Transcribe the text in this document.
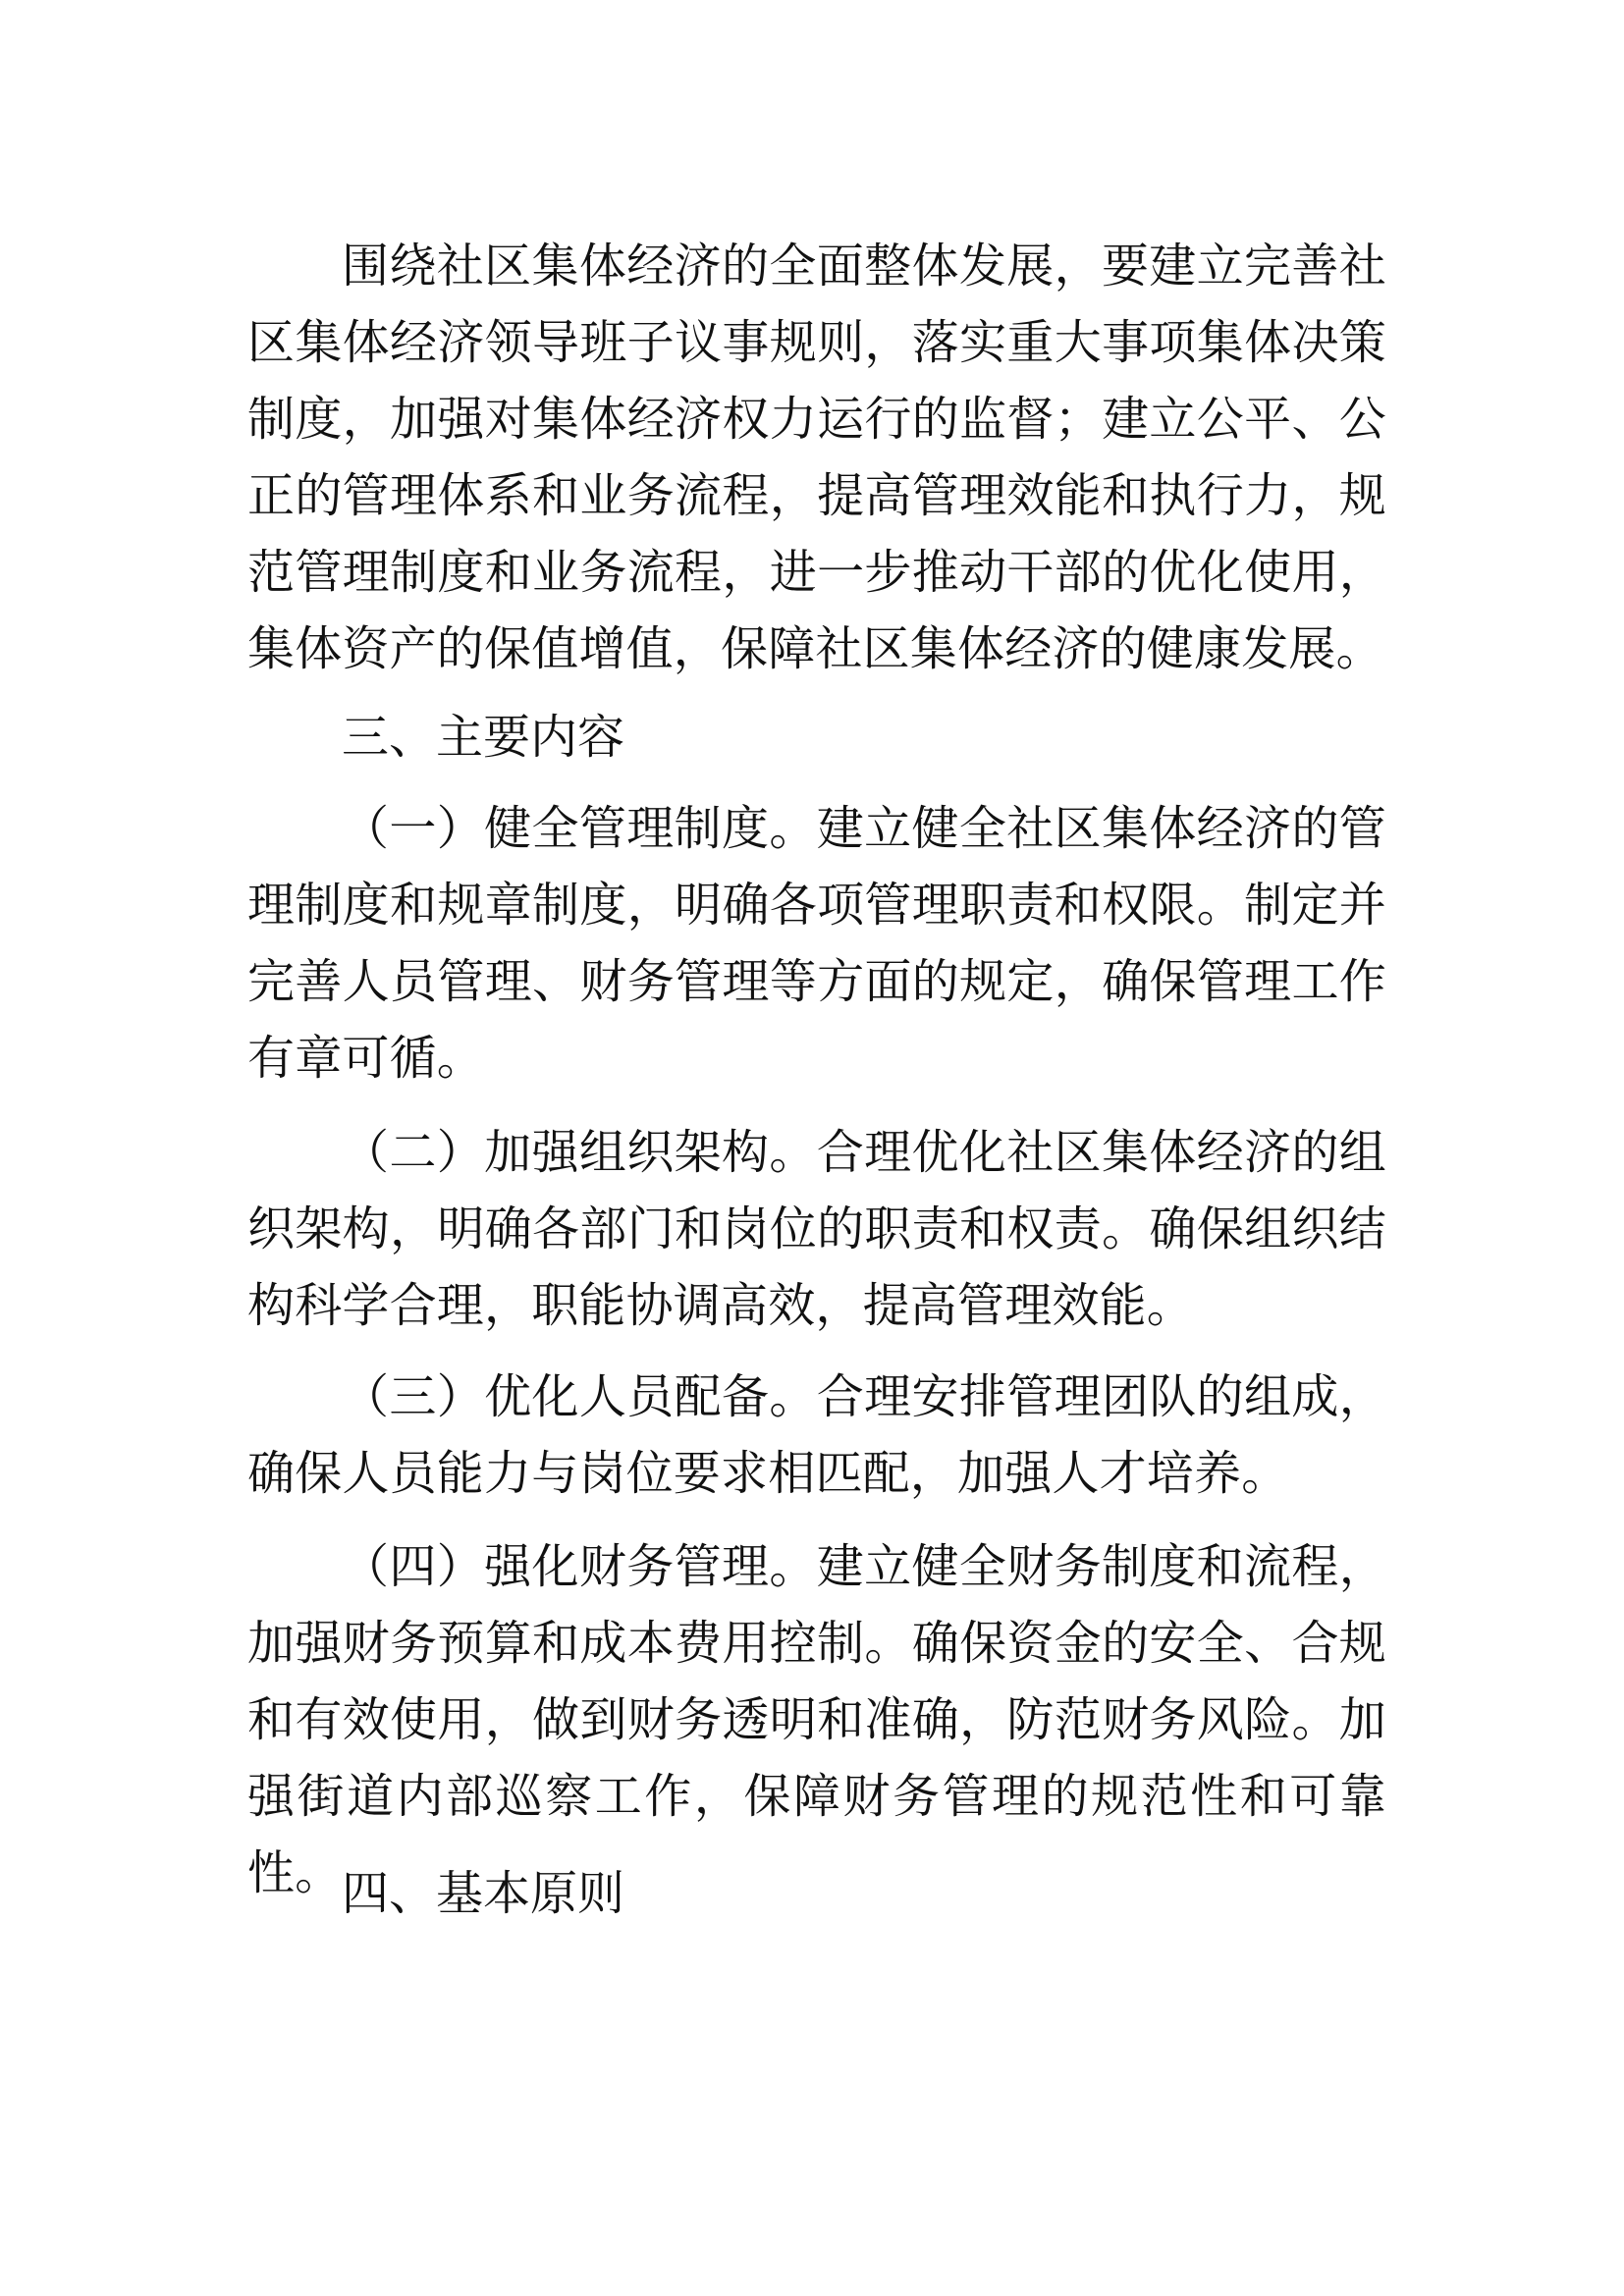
围绕社区集体经济的全面整体发展，要建立完善社区集体经济领导班子议事规则，落实重大事项集体决策制度，加强对集体经济权力运行的监督；建立公平、公正的管理体系和业务流程，提高管理效能和执行力，规范管理制度和业务流程，进一步推动干部的优化使用，集体资产的保值增值，保障社区集体经济的健康发展。

三、主要内容

（一）健全管理制度。建立健全社区集体经济的管理制度和规章制度，明确各项管理职责和权限。制定并完善人员管理、财务管理等方面的规定，确保管理工作有章可循。

（二）加强组织架构。合理优化社区集体经济的组织架构，明确各部门和岗位的职责和权责。确保组织结构科学合理，职能协调高效，提高管理效能。

（三）优化人员配备。合理安排管理团队的组成，确保人员能力与岗位要求相匹配，加强人才培养。

（四）强化财务管理。建立健全财务制度和流程，加强财务预算和成本费用控制。确保资金的安全、合规和有效使用，做到财务透明和准确，防范财务风险。加强街道内部巡察工作，保障财务管理的规范性和可靠性。 四、基本原则
